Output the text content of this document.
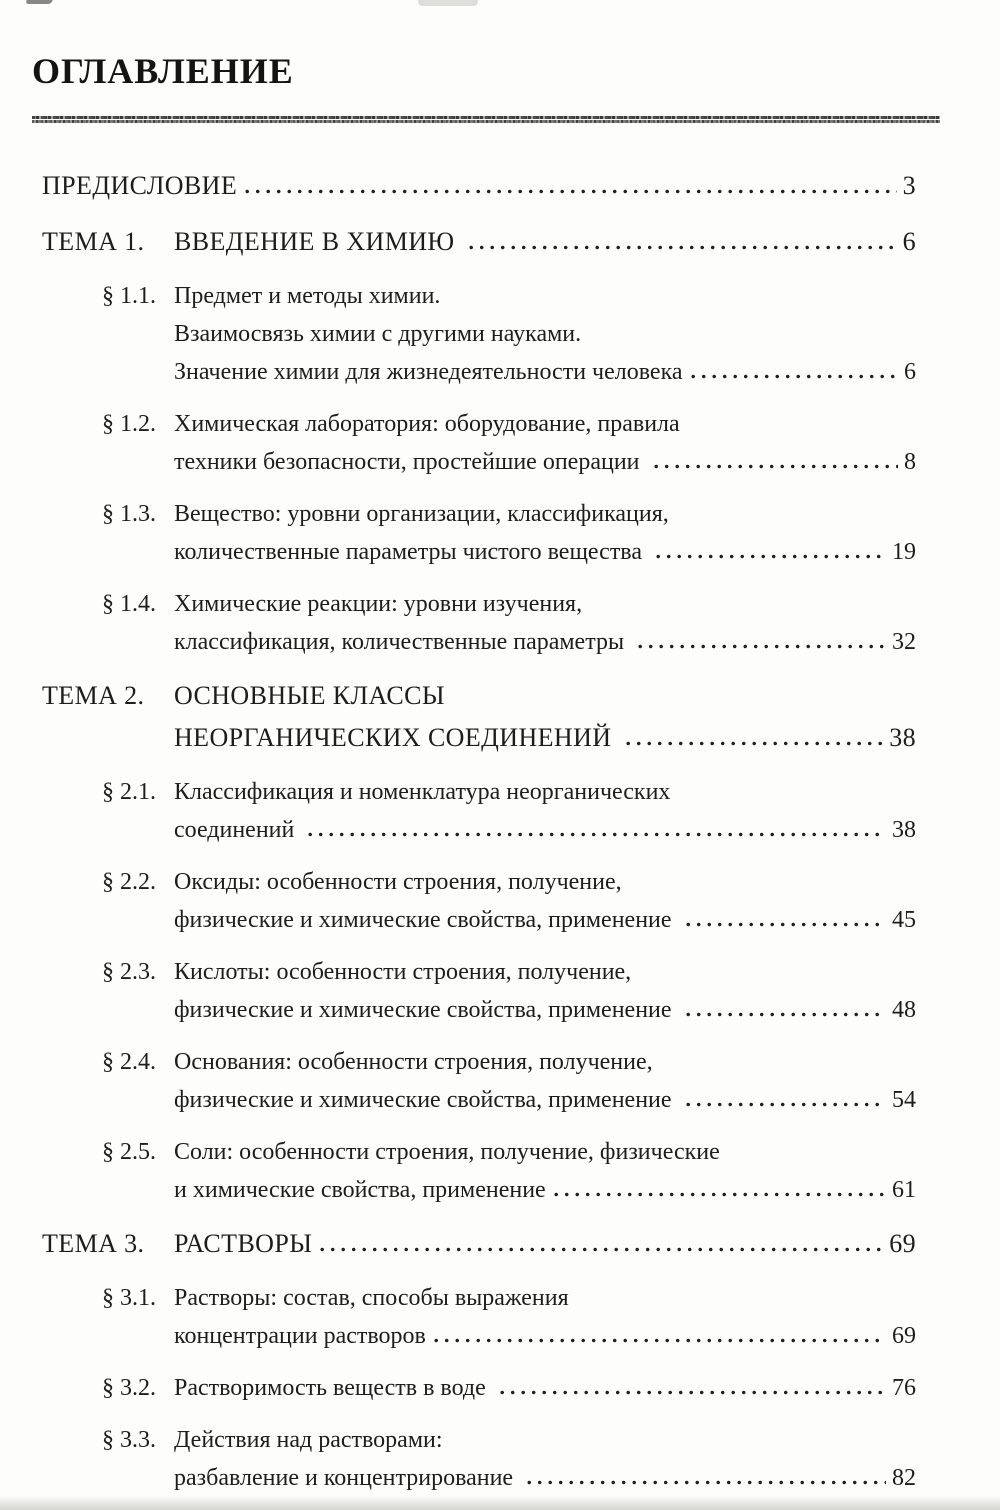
ОГЛАВЛЕНИЕ
ПРЕДИСЛОВИЕ	3
ТЕМА 1.	ВВЕДЕНИЕ В ХИМИЮ	6
§ 1.1. Предмет и методы химии.
Взаимосвязь химии с другими науками.
Значение химии для жизнедеятельности человека	6
§ 1.2. Химическая лаборатория: оборудование, правила
техники безопасности, простейшие операции	8
§ 1.3. Вещество: уровни организации, классификация,
количественные параметры чистого вещества	19
§ 1.4. Химические реакции: уровни изучения,
классификация, количественные параметры	32
ТЕМА 2.	ОСНОВНЫЕ КЛАССЫ
НЕОРГАНИЧЕСКИХ СОЕДИНЕНИЙ	38
§ 2.1. Классификация и номенклатура неорганических
соединений	38
§ 2.2. Оксиды: особенности строения, получение,
физические и химические свойства, применение	45
§ 2.3. Кислоты: особенности строения, получение,
физические и химические свойства, применение	48
§ 2.4. Основания: особенности строения, получение,
физические и химические свойства, применение	54
§ 2.5. Соли: особенности строения, получение, физические
и химические свойства, применение	61
ТЕМА 3.	РАСТВОРЫ	69
§ 3.1. Растворы: состав, способы выражения
концентрации растворов	69
§ 3.2. Растворимость веществ в воде	76
§ 3.3. Действия над растворами:
разбавление и концентрирование	82
